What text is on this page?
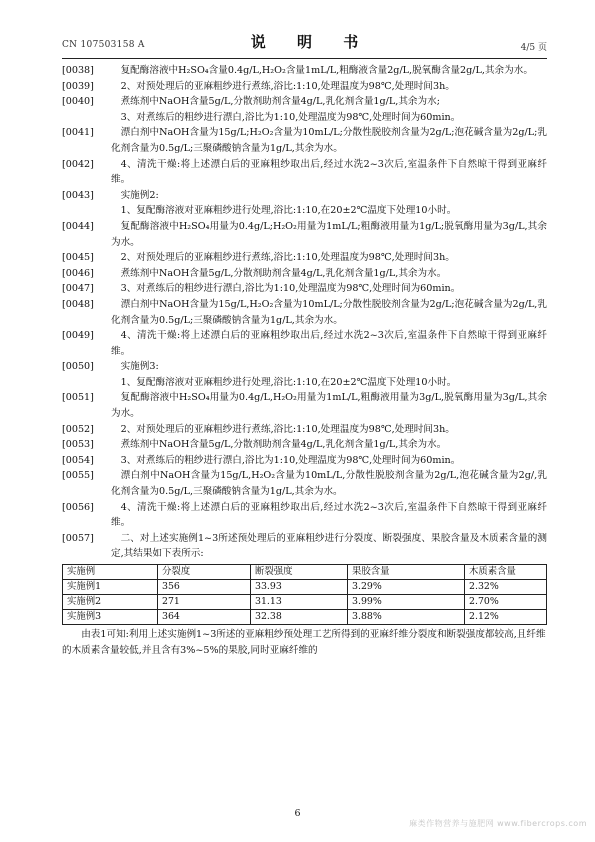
CN 107503158 A	说 明 书	4/5 页
[0038]	复配酶溶液中H₂SO₄含量0.4g/L,H₂O₂含量1mL/L,粗酶液含量2g/L,脱氧酶含量2g/L,其余为水。
[0039]	2、对预处理后的亚麻粗纱进行煮练,浴比:1:10,处理温度为98℃,处理时间3h。
[0040]	煮练剂中NaOH含量5g/L,分散剂助剂含量4g/L,乳化剂含量1g/L,其余为水;
3、对煮练后的粗纱进行漂白,浴比为1:10,处理温度为98℃,处理时间为60min。
[0041]	漂白剂中NaOH含量为15g/L;H₂O₂含量为10mL/L;分散性脱胶剂含量为2g/L;泡花碱含量为2g/L;乳化剂含量为0.5g/L;三聚磷酸钠含量为1g/L,其余为水。
[0042]	4、清洗干燥:将上述漂白后的亚麻粗纱取出后,经过水洗2~3次后,室温条件下自然晾干得到亚麻纤维。
[0043]	实施例2:
1、复配酶溶液对亚麻粗纱进行处理,浴比:1:10,在20±2℃温度下处理10小时。
[0044]	复配酶溶液中H₂SO₄用量为0.4g/L;H₂O₂用量为1mL/L;粗酶液用量为1g/L;脱氧酶用量为3g/L,其余为水。
[0045]	2、对预处理后的亚麻粗纱进行煮练,浴比:1:10,处理温度为98℃,处理时间3h。
[0046]	煮练剂中NaOH含量5g/L,分散剂助剂含量4g/L,乳化剂含量1g/L,其余为水。
[0047]	3、对煮练后的粗纱进行漂白,浴比为1:10,处理温度为98℃,处理时间为60min。
[0048]	漂白剂中NaOH含量为15g/L,H₂O₂含量为10mL/L;分散性脱胶剂含量为2g/L;泡花碱含量为2g/L,乳化剂含量为0.5g/L;三聚磷酸钠含量为1g/L,其余为水。
[0049]	4、清洗干燥:将上述漂白后的亚麻粗纱取出后,经过水洗2~3次后,室温条件下自然晾干得到亚麻纤维。
[0050]	实施例3:
1、复配酶溶液对亚麻粗纱进行处理,浴比:1:10,在20±2℃温度下处理10小时。
[0051]	复配酶溶液中H₂SO₄用量为0.4g/L,H₂O₂用量为1mL/L,粗酶液用量为3g/L,脱氧酶用量为3g/L,其余为水。
[0052]	2、对预处理后的亚麻粗纱进行煮练,浴比:1:10,处理温度为98℃,处理时间3h。
[0053]	煮练剂中NaOH含量5g/L,分散剂助剂含量4g/L,乳化剂含量1g/L,其余为水。
[0054]	3、对煮练后的粗纱进行漂白,浴比为1:10,处理温度为98℃,处理时间为60min。
[0055]	漂白剂中NaOH含量为15g/L,H₂O₂含量为10mL/L,分散性脱胶剂含量为2g/L,泡花碱含量为2g/,乳化剂含量为0.5g/L,三聚磷酸钠含量为1g/L,其余为水。
[0056]	4、清洗干燥:将上述漂白后的亚麻粗纱取出后,经过水洗2~3次后,室温条件下自然晾干得到亚麻纤维。
[0057]	二、对上述实施例1~3所述预处理后的亚麻粗纱进行分裂度、断裂强度、果胶含量及木质素含量的测定,其结果如下表所示:
实施例	分裂度	断裂强度	果胶含量	木质素含量
实施例1	356	33.93	3.29%	2.32%
实施例2	271	31.13	3.99%	2.70%
实施例3	364	32.38	3.88%	2.12%

由表1可知:利用上述实施例1~3所述的亚麻粗纱预处理工艺所得到的亚麻纤维分裂度和断裂强度都较高,且纤维的木质素含量较低,并且含有3%~5%的果胶,同时亚麻纤维的

6
麻类作物营养与施肥网 www.fibercrops.com
